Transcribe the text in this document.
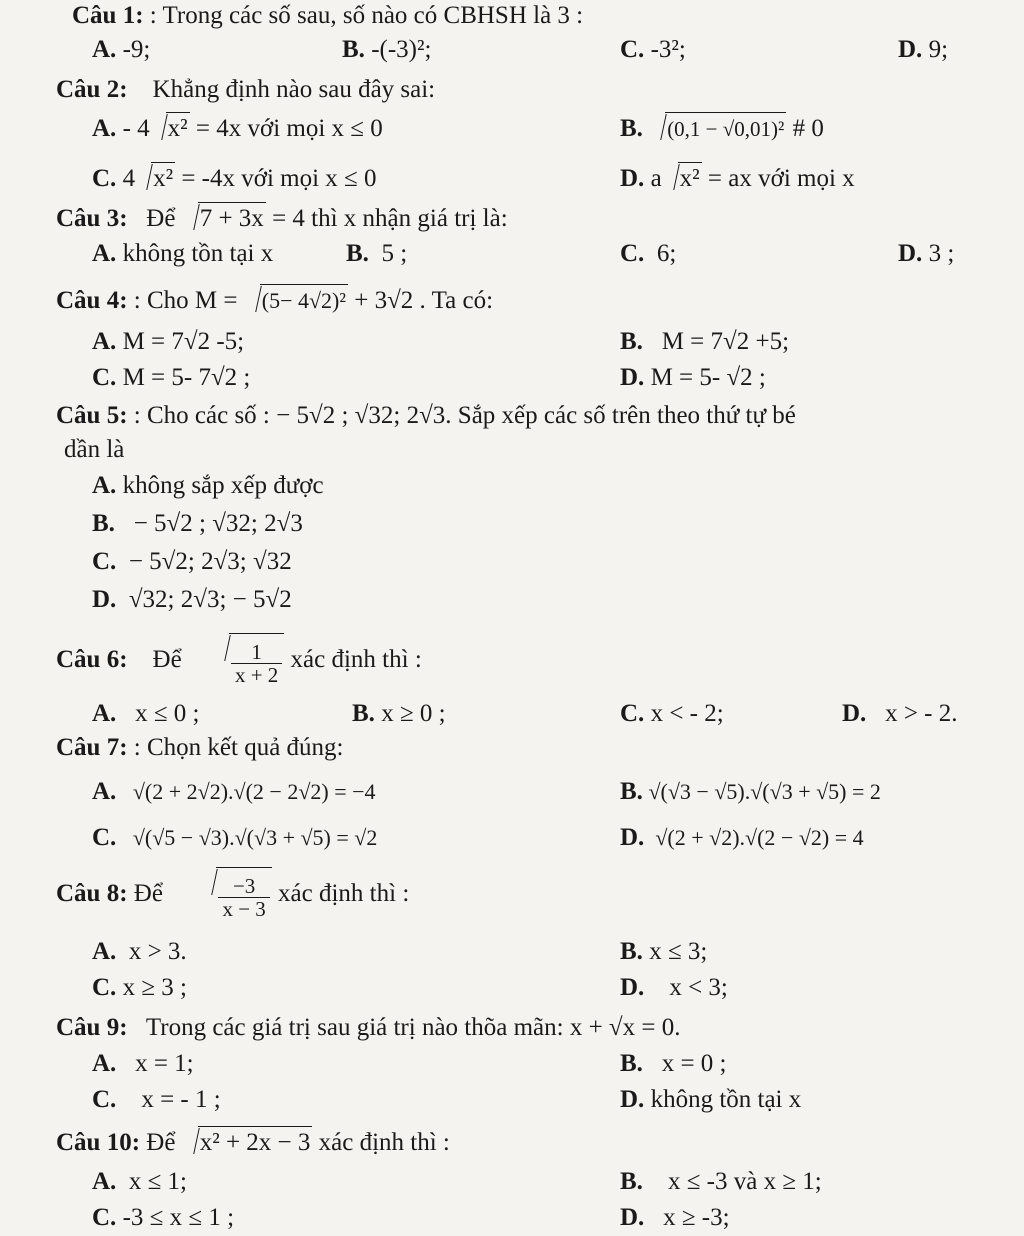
Câu 1: : Trong các số sau, số nào có CBHSH là 3 :
A. -9;	B. -(-3)²;	C. -3²;	D. 9;
Câu 2: Khẳng định nào sau đây sai:
A. - 4 x² = 4x với mọi x ≤ 0	B. (0,1 − √0,01)² # 0
C. 4 x² = -4x với mọi x ≤ 0	D. a x² = ax với mọi x
Câu 3: Để 7 + 3x = 4 thì x nhận giá trị là:
A. không tồn tại x	B. 5 ;	C. 6;	D. 3 ;
Câu 4: : Cho M = (5− 4√2)² + 3√2 . Ta có:
A. M = 7√2 -5;	B. M = 7√2 +5;
C. M = 5- 7√2 ;	D. M = 5- √2 ;
Câu 5: : Cho các số : − 5√2 ; √32; 2√3. Sắp xếp các số trên theo thứ tự bé
dần là
A. không sắp xếp được
B. − 5√2 ; √32; 2√3
C. − 5√2; 2√3; √32
D. √32; 2√3; − 5√2
Câu 6: Để $\frac{1}{x + 2}$ xác định thì :
A. x ≤ 0 ;	B. x ≥ 0 ;	C. x < - 2;	D. x > - 2.
Câu 7: : Chọn kết quả đúng:
A. √(2 + 2√2).√(2 − 2√2) = −4	B. √(√3 − √5).√(√3 + √5) = 2
C. √(√5 − √3).√(√3 + √5) = √2	D. √(2 + √2).√(2 − √2) = 4
Câu 8: Để	$\frac{-3}{x - 3}$ xác định thì :
A. x > 3.	B. x ≤ 3;
C. x ≥ 3 ;	D. x < 3;
Câu 9: Trong các giá trị sau giá trị nào thõa mãn: x + √x = 0.
A. x = 1;	B. x = 0 ;
C. x = - 1 ;	D. không tồn tại x
Câu 10: Để x² + 2x − 3 xác định thì :
A. x ≤ 1;	B. x ≤ -3 và x ≥ 1;
C. -3 ≤ x ≤ 1 ;	D. x ≥ -3;
